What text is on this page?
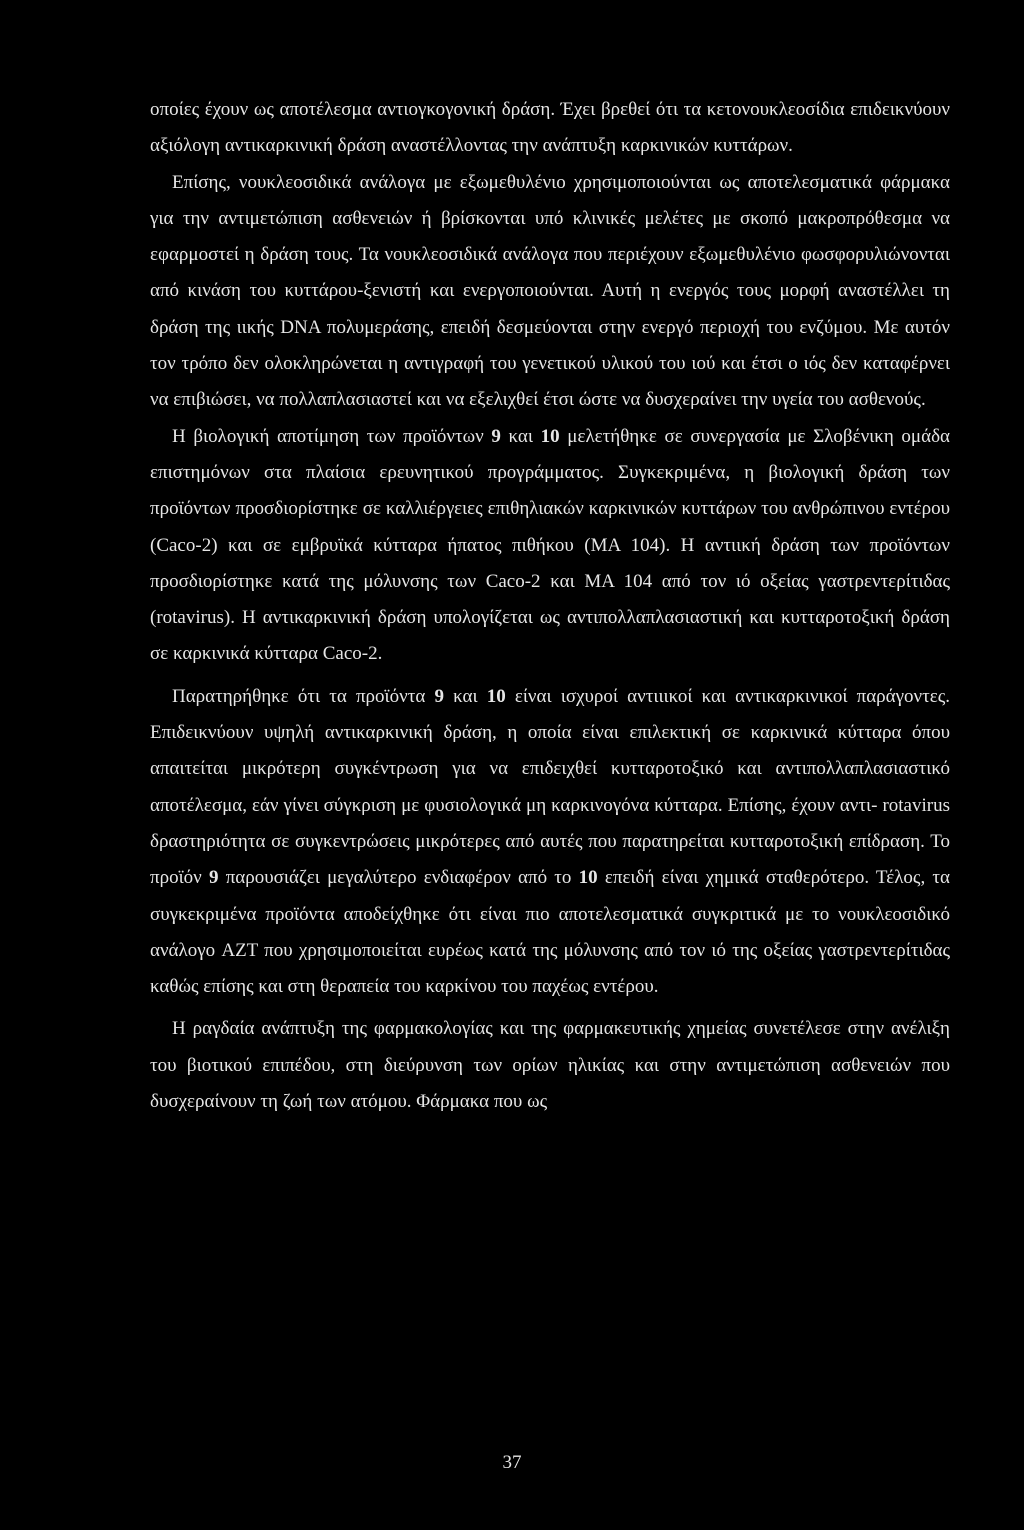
οποίες έχουν ως αποτέλεσμα αντιογκογονική δράση. Έχει βρεθεί ότι τα κετονουκλεοσίδια επιδεικνύουν αξιόλογη αντικαρκινική δράση αναστέλλοντας την ανάπτυξη καρκινικών κυττάρων.

Επίσης, νουκλεοσιδικά ανάλογα με εξωμεθυλένιο χρησιμοποιούνται ως αποτελεσματικά φάρμακα για την αντιμετώπιση ασθενειών ή βρίσκονται υπό κλινικές μελέτες με σκοπό μακροπρόθεσμα να εφαρμοστεί η δράση τους. Τα νουκλεοσιδικά ανάλογα που περιέχουν εξωμεθυλένιο φωσφορυλιώνονται από κινάση του κυττάρου-ξενιστή και ενεργοποιούνται. Αυτή η ενεργός τους μορφή αναστέλλει τη δράση της ιικής DNA πολυμεράσης, επειδή δεσμεύονται στην ενεργό περιοχή του ενζύμου. Με αυτόν τον τρόπο δεν ολοκληρώνεται η αντιγραφή του γενετικού υλικού του ιού και έτσι ο ιός δεν καταφέρνει να επιβιώσει, να πολλαπλασιαστεί και να εξελιχθεί έτσι ώστε να δυσχεραίνει την υγεία του ασθενούς.

Η βιολογική αποτίμηση των προϊόντων 9 και 10 μελετήθηκε σε συνεργασία με Σλοβένικη ομάδα επιστημόνων στα πλαίσια ερευνητικού προγράμματος. Συγκεκριμένα, η βιολογική δράση των προϊόντων προσδιορίστηκε σε καλλιέργειες επιθηλιακών καρκινικών κυττάρων του ανθρώπινου εντέρου (Caco-2) και σε εμβρυϊκά κύτταρα ήπατος πιθήκου (MA 104). Η αντιική δράση των προϊόντων προσδιορίστηκε κατά της μόλυνσης των Caco-2 και MA 104 από τον ιό οξείας γαστρεντερίτιδας (rotavirus). Η αντικαρκινική δράση υπολογίζεται ως αντιπολλαπλασιαστική και κυτταροτοξική δράση σε καρκινικά κύτταρα Caco-2.

Παρατηρήθηκε ότι τα προϊόντα 9 και 10 είναι ισχυροί αντιιικοί και αντικαρκινικοί παράγοντες. Επιδεικνύουν υψηλή αντικαρκινική δράση, η οποία είναι επιλεκτική σε καρκινικά κύτταρα όπου απαιτείται μικρότερη συγκέντρωση για να επιδειχθεί κυτταροτοξικό και αντιπολλαπλασιαστικό αποτέλεσμα, εάν γίνει σύγκριση με φυσιολογικά μη καρκινογόνα κύτταρα. Επίσης, έχουν αντι- rotavirus δραστηριότητα σε συγκεντρώσεις μικρότερες από αυτές που παρατηρείται κυτταροτοξική επίδραση. Το προϊόν 9 παρουσιάζει μεγαλύτερο ενδιαφέρον από το 10 επειδή είναι χημικά σταθερότερο. Τέλος, τα συγκεκριμένα προϊόντα αποδείχθηκε ότι είναι πιο αποτελεσματικά συγκριτικά με το νουκλεοσιδικό ανάλογο AZT που χρησιμοποιείται ευρέως κατά της μόλυνσης από τον ιό της οξείας γαστρεντερίτιδας καθώς επίσης και στη θεραπεία του καρκίνου του παχέως εντέρου.

Η ραγδαία ανάπτυξη της φαρμακολογίας και της φαρμακευτικής χημείας συνετέλεσε στην ανέλιξη του βιοτικού επιπέδου, στη διεύρυνση των ορίων ηλικίας και στην αντιμετώπιση ασθενειών που δυσχεραίνουν τη ζωή των ατόμου. Φάρμακα που ως

37
